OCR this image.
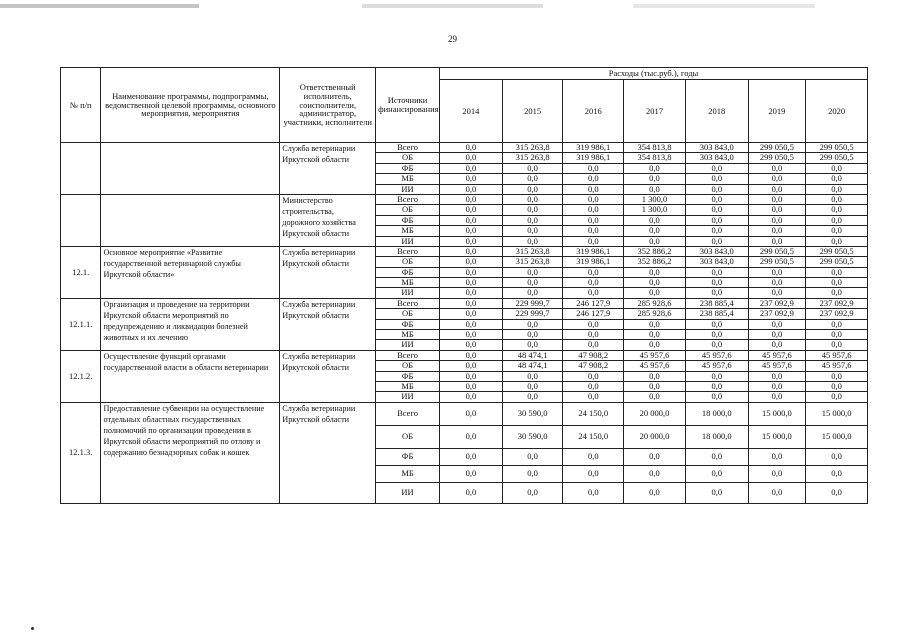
29
№ п/п	Наименование программы, подпрограммы, ведомственной целевой программы, основного мероприятия, мероприятия	Ответственный исполнитель, соисполнители, администратор, участники, исполнители	Источники финансирования	Расходы (тыс.руб.), годы						
				2014	2015	2016	2017	2018	2019	2020
		Служба ветеринарии Иркутской области	Всего	0,0	315 263,8	319 986,1	354 813,8	303 843,0	299 050,5	299 050,5
			ОБ	0,0	315 263,8	319 986,1	354 813,8	303 843,0	299 050,5	299 050,5
			ФБ	0,0	0,0	0,0	0,0	0,0	0,0	0,0
			МБ	0,0	0,0	0,0	0,0	0,0	0,0	0,0
			ИИ	0,0	0,0	0,0	0,0	0,0	0,0	0,0
		Министерство строительства, дорожного хозяйства Иркутской области	Всего	0,0	0,0	0,0	1 300,0	0,0	0,0	0,0
			ОБ	0,0	0,0	0,0	1 300,0	0,0	0,0	0,0
			ФБ	0,0	0,0	0,0	0,0	0,0	0,0	0,0
			МБ	0,0	0,0	0,0	0,0	0,0	0,0	0,0
			ИИ	0,0	0,0	0,0	0,0	0,0	0,0	0,0
12.1.	Основное мероприятие «Развитие государственной ветеринарной службы Иркутской области»	Служба ветеринарии Иркутской области	Всего	0,0	315 263,8	319 986,1	352 886,2	303 843,0	299 050,5	299 050,5
			ОБ	0,0	315 263,8	319 986,1	352 886,2	303 843,0	299 050,5	299 050,5
			ФБ	0,0	0,0	0,0	0,0	0,0	0,0	0,0
			МБ	0,0	0,0	0,0	0,0	0,0	0,0	0,0
			ИИ	0,0	0,0	0,0	0,0	0,0	0,0	0,0
12.1.1.	Организация и проведение на территории Иркутской области мероприятий по предупреждению и ликвидации болезней животных и их лечению	Служба ветеринарии Иркутской области	Всего	0,0	229 999,7	246 127,9	285 928,6	238 885,4	237 092,9	237 092,9
			ОБ	0,0	229 999,7	246 127,9	285 928,6	238 885,4	237 092,9	237 092,9
			ФБ	0,0	0,0	0,0	0,0	0,0	0,0	0,0
			МБ	0,0	0,0	0,0	0,0	0,0	0,0	0,0
			ИИ	0,0	0,0	0,0	0,0	0,0	0,0	0,0
12.1.2.	Осуществление функций органами государственной власти в области ветеринарии	Служба ветеринарии Иркутской области	Всего	0,0	48 474,1	47 908,2	45 957,6	45 957,6	45 957,6	45 957,6
			ОБ	0,0	48 474,1	47 908,2	45 957,6	45 957,6	45 957,6	45 957,6
			ФБ	0,0	0,0	0,0	0,0	0,0	0,0	0,0
			МБ	0,0	0,0	0,0	0,0	0,0	0,0	0,0
			ИИ	0,0	0,0	0,0	0,0	0,0	0,0	0,0
12.1.3.	Предоставление субвенции на осуществление отдельных областных государственных полномочий по организации проведения в Иркутской области мероприятий по отлову и содержанию безнадзорных собак и кошек	Служба ветеринарии Иркутской области	Всего	0,0	30 590,0	24 150,0	20 000,0	18 000,0	15 000,0	15 000,0
			ОБ	0,0	30 590,0	24 150,0	20 000,0	18 000,0	15 000,0	15 000,0
			ФБ	0,0	0,0	0,0	0,0	0,0	0,0	0,0
			МБ	0,0	0,0	0,0	0,0	0,0	0,0	0,0
			ИИ	0,0	0,0	0,0	0,0	0,0	0,0	0,0
